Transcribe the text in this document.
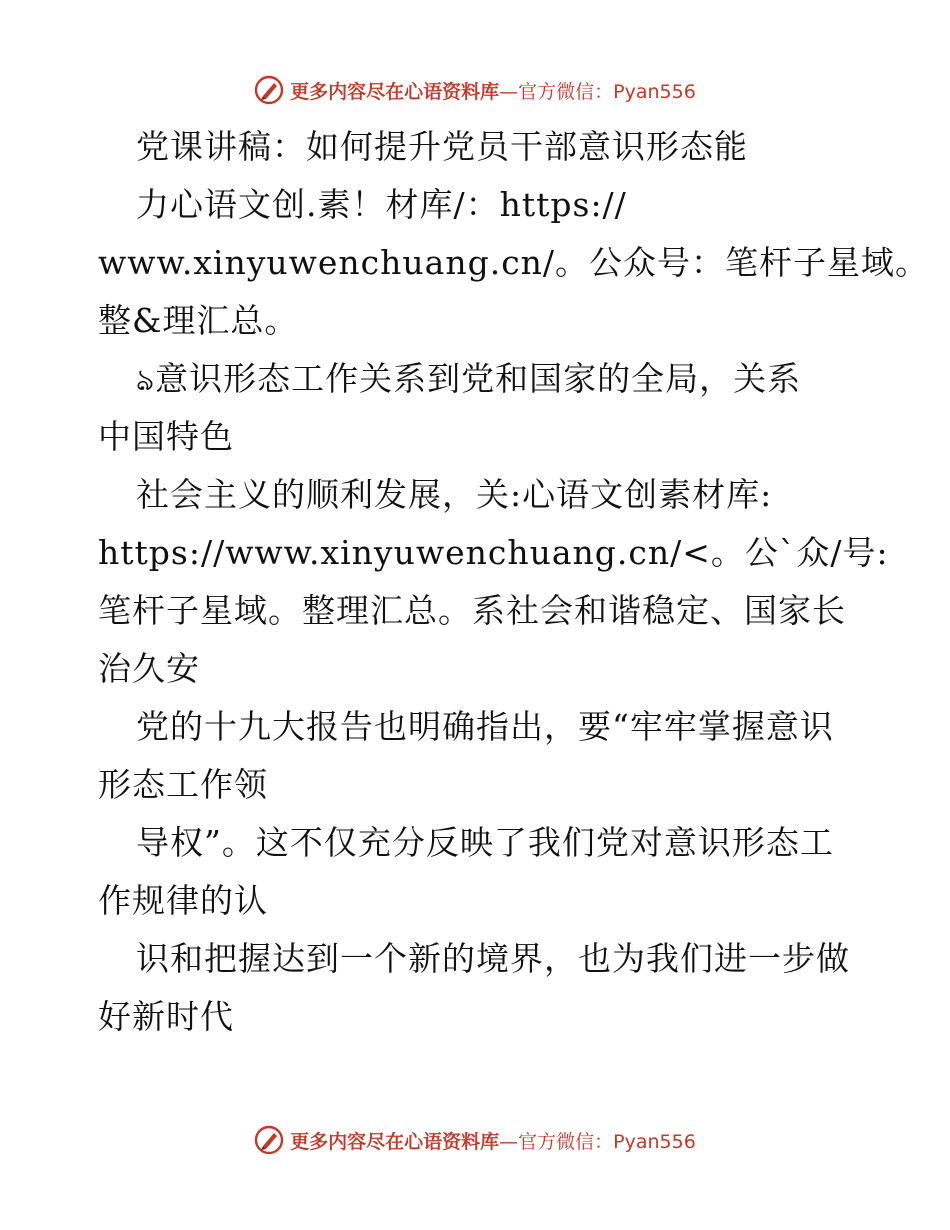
更多内容尽在心语资料库 —官方微信：Pyan556
党课讲稿：如何提升党员干部意识形态能
力心语文创.素！材库/：https://
www.xinyuwenchuang.cn/。公众号：笔杆子星域。
整&理汇总。
ঌ意识形态工作关系到党和国家的全局，关系
中国特色
社会主义的顺利发展，关:心语文创素材库:
https://www.xinyuwenchuang.cn/<。公`众/号:
笔杆子星域。整理汇总。系社会和谐稳定、国家长
治久安
党的十九大报告也明确指出，要“牢牢掌握意识
形态工作领
导权”。这不仅充分反映了我们党对意识形态工
作规律的认
识和把握达到一个新的境界，也为我们进一步做
好新时代
更多内容尽在心语资料库 —官方微信：Pyan556
